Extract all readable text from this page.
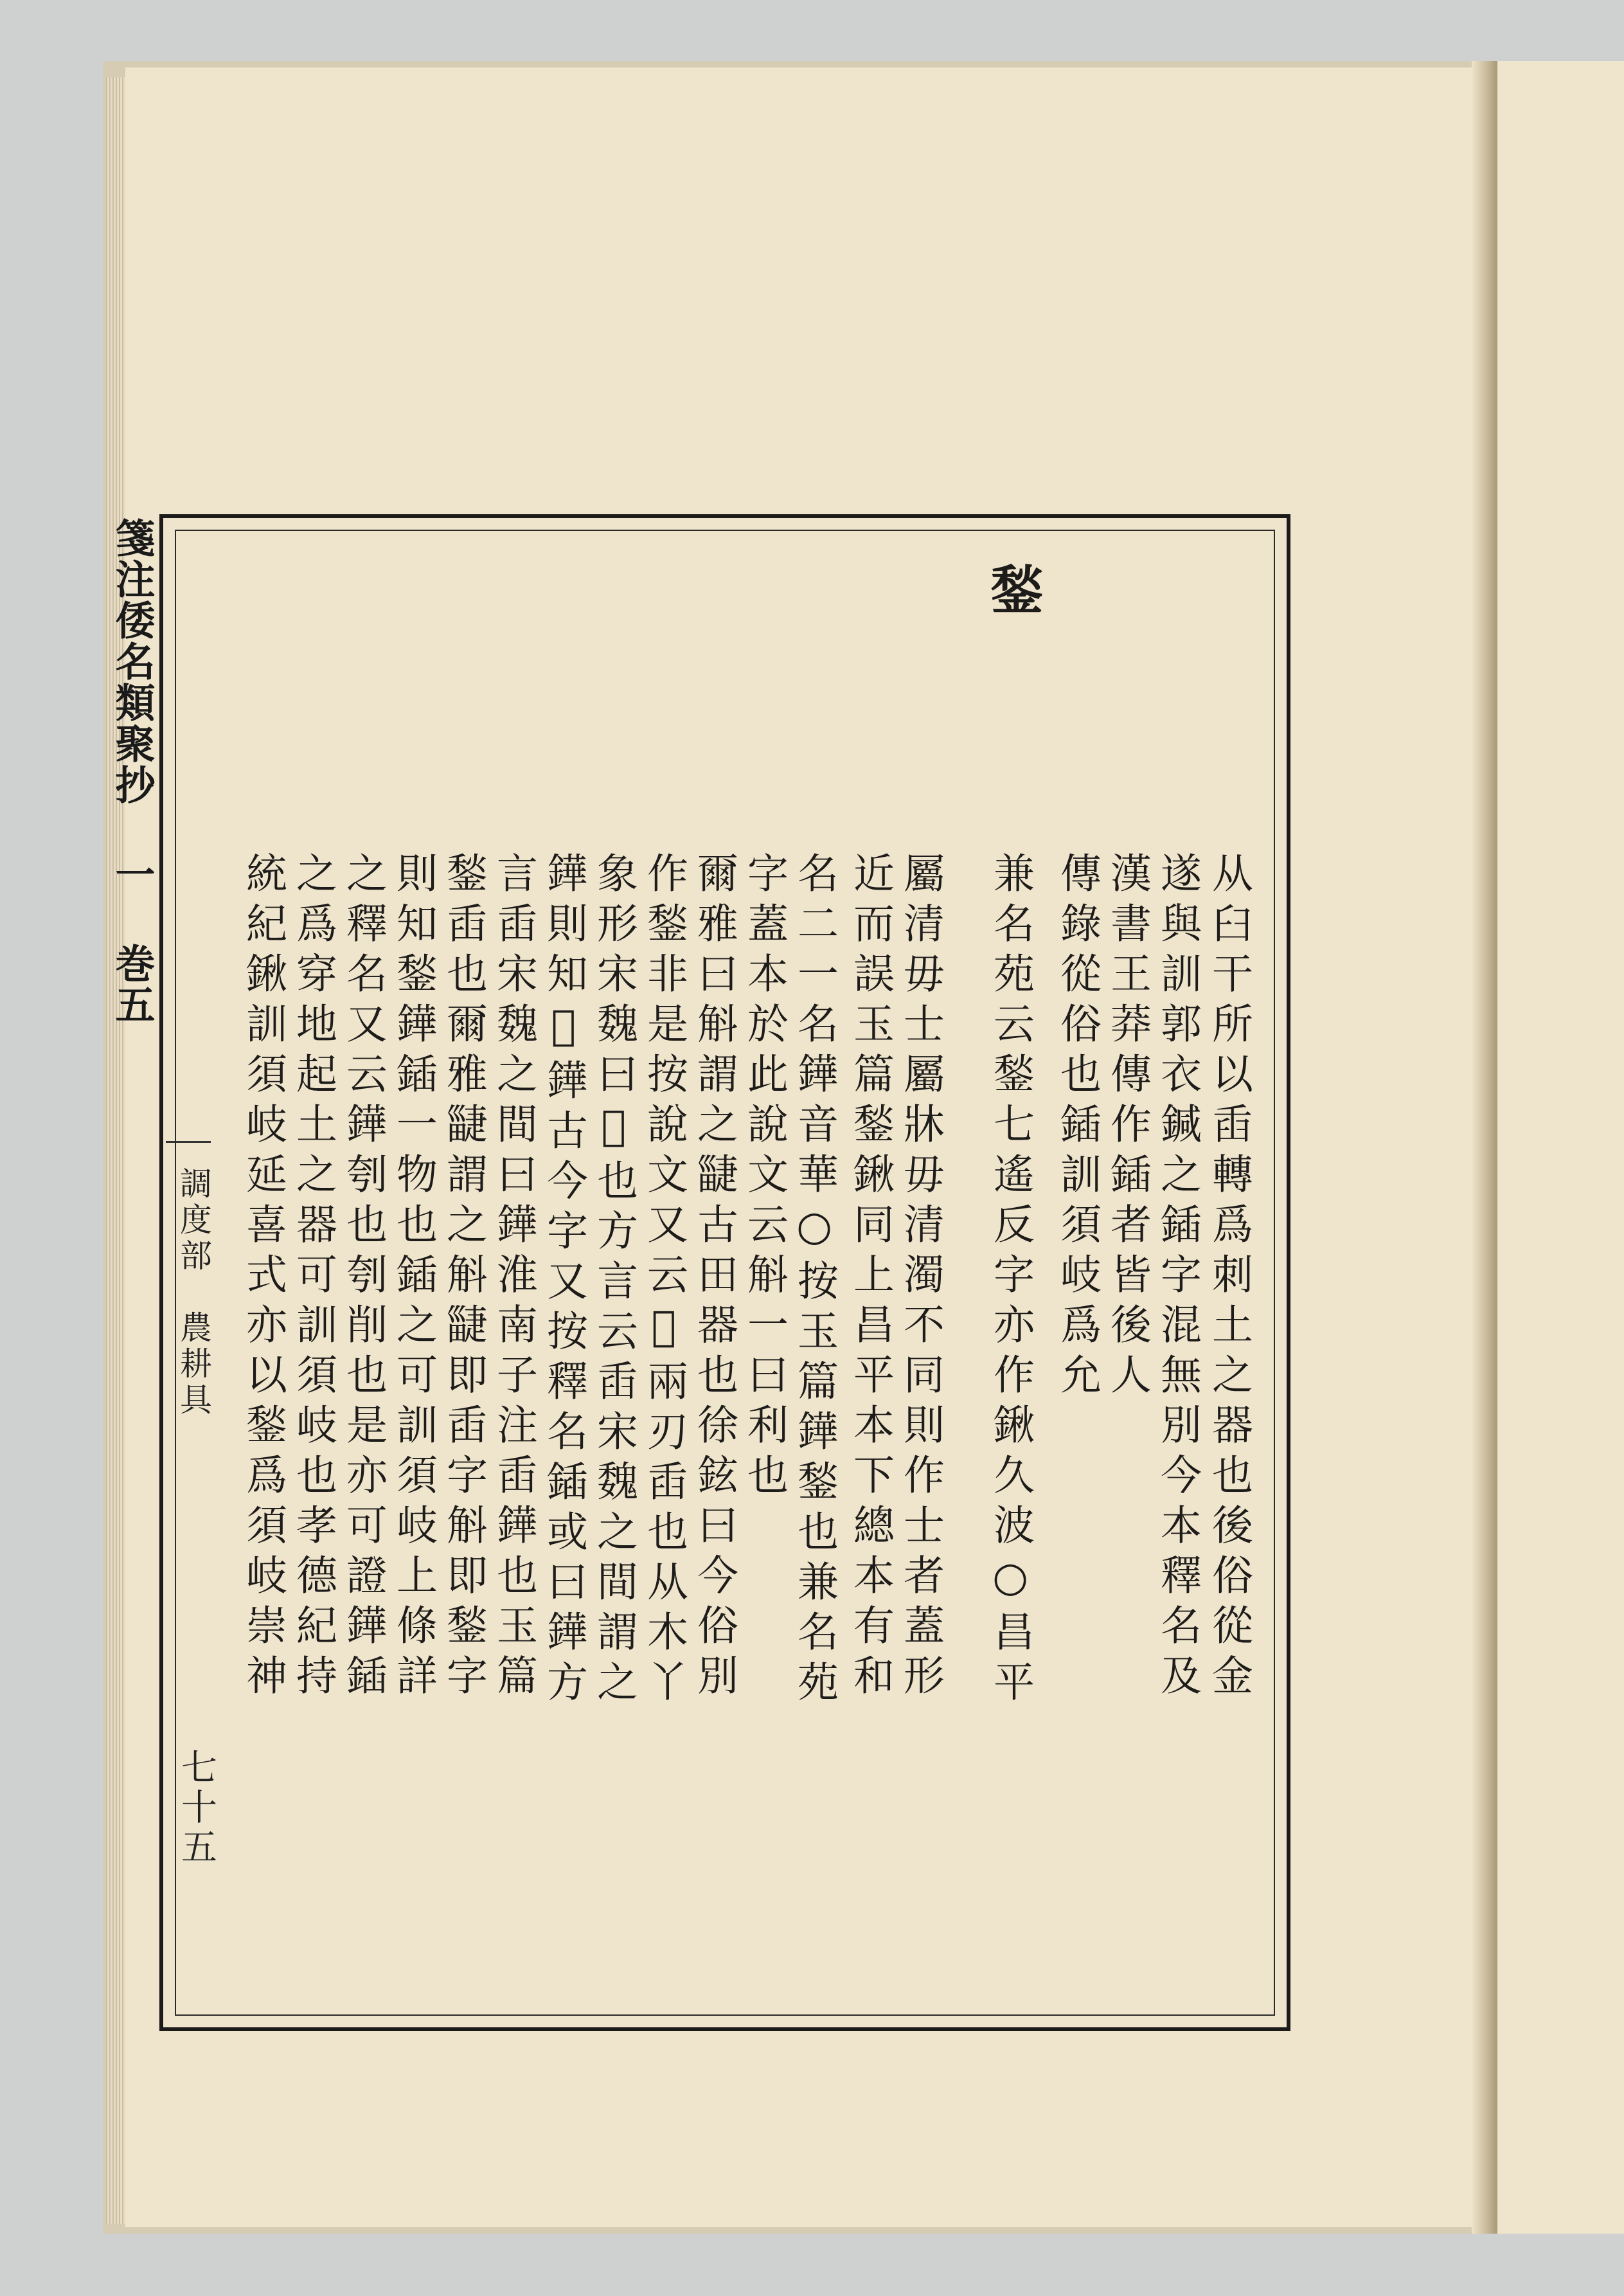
箋注倭名類聚抄 一 巻五
調度部　農耕具
七十五
鍫
从臼干所以臿轉爲刺土之器也後俗從金
遂與訓郭衣鍼之鍤字混無別今本釋名及
漢書王莽傳作鍤者皆後人
傳錄從俗也鍤訓須岐爲允
兼名苑云鍫七遙反字亦作鍬久波○昌平
屬清毋士屬牀毋清濁不同則作士者蓋形
近而誤玉篇鍫鍬同上昌平本下總本有和
名二一名鏵音華○按玉篇鏵鍫也兼名苑
字蓋本於此說文云斛一曰利也
爾雅曰斛謂之疀古田器也徐鉉曰今俗別
作鍫非是按說文又云𣎶兩刃臿也从木丫
象形宋魏曰𣎶也方言云臿宋魏之間謂之
鏵則知𣎶鏵古今字又按釋名鍤或曰鏵方
言臿宋魏之間曰鏵淮南子注臿鏵也玉篇
鍫臿也爾雅疀謂之斛疀即臿字斛即鍫字
則知鍫鏵鍤一物也鍤之可訓須岐上條詳
之釋名又云鏵刳也刳削也是亦可證鏵鍤
之爲穿地起土之器可訓須岐也孝德紀持
統紀鍬訓須岐延喜式亦以鍫爲須岐崇神
